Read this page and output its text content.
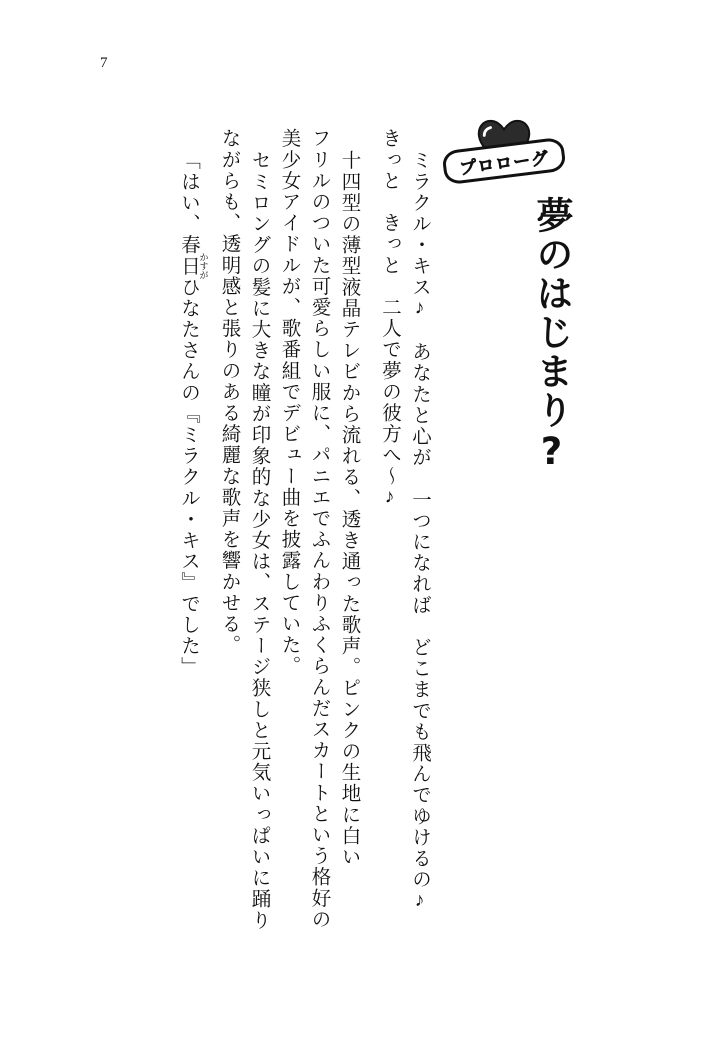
7
プロローグ
夢のはじまり?
ミラクル・キス♪　あなたと心が　一つになれば　どこまでも飛んでゆけるの♪
きっと　きっと　二人で夢の彼方へ～♪
十四型の薄型液晶テレビから流れる、透き通った歌声。ピンクの生地に白い
フリルのついた可愛らしい服に、パニエでふんわりふくらんだスカートという格好の
美少女アイドルが、歌番組でデビュー曲を披露していた。
セミロングの髪に大きな瞳が印象的な少女は、ステージ狭しと元気いっぱいに踊り
ながらも、透明感と張りのある綺麗な歌声を響かせる。
「はい、春日 かすがひなたさんの『ミラクル・キス』でした」
